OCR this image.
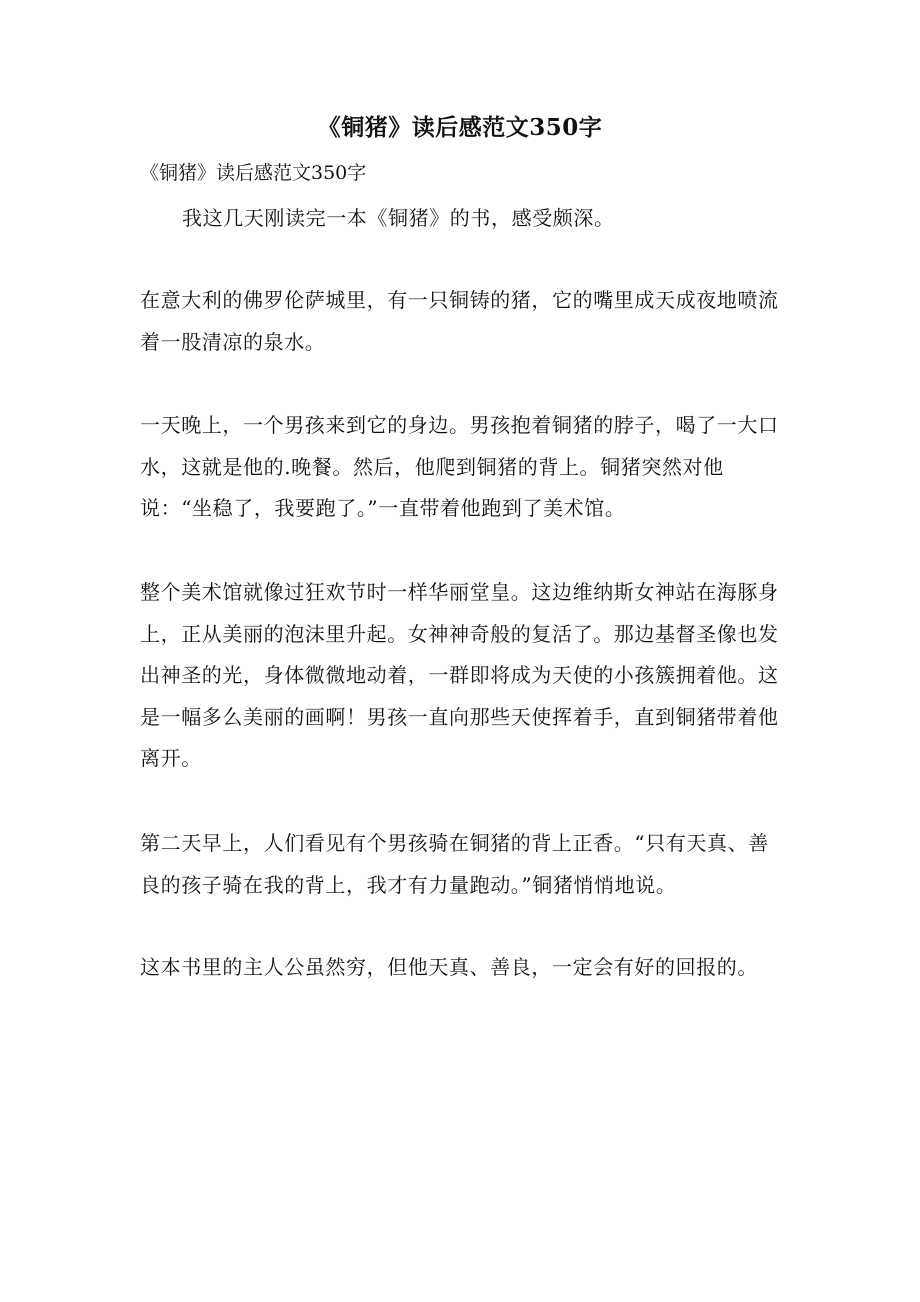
《铜猪》读后感范文350字
《铜猪》读后感范文350字

我这几天刚读完一本《铜猪》的书，感受颇深。

在意大利的佛罗伦萨城里，有一只铜铸的猪，它的嘴里成天成夜地喷流着一股清凉的泉水。

一天晚上，一个男孩来到它的身边。男孩抱着铜猪的脖子，喝了一大口水，这就是他的.晚餐。然后，他爬到铜猪的背上。铜猪突然对他说：“坐稳了，我要跑了。”一直带着他跑到了美术馆。

整个美术馆就像过狂欢节时一样华丽堂皇。这边维纳斯女神站在海豚身上，正从美丽的泡沫里升起。女神神奇般的复活了。那边基督圣像也发出神圣的光，身体微微地动着，一群即将成为天使的小孩簇拥着他。这是一幅多么美丽的画啊！男孩一直向那些天使挥着手，直到铜猪带着他离开。

第二天早上，人们看见有个男孩骑在铜猪的背上正香。“只有天真、善良的孩子骑在我的背上，我才有力量跑动。”铜猪悄悄地说。

这本书里的主人公虽然穷，但他天真、善良，一定会有好的回报的。
